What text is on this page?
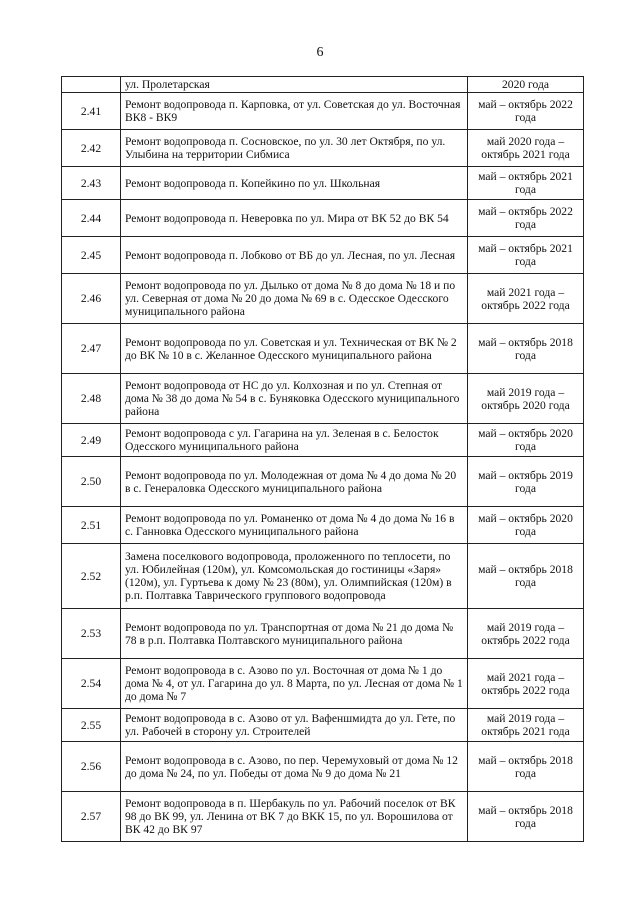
6
	ул. Пролетарская	2020 года
2.41	Ремонт водопровода п. Карповка, от ул. Советская до ул. Восточная ВК8 - ВК9	май – октябрь 2022 года
2.42	Ремонт водопровода п. Сосновское, по ул. 30 лет Октября, по ул. Улыбина на территории Сибмиса	май 2020 года – октябрь 2021 года
2.43	Ремонт водопровода п. Копейкино по ул. Школьная	май – октябрь 2021 года
2.44	Ремонт водопровода п. Неверовка по ул. Мира от ВК 52 до ВК 54	май – октябрь 2022 года
2.45	Ремонт водопровода п. Лобково от ВБ до ул. Лесная, по ул. Лесная	май – октябрь 2021 года
2.46	Ремонт водопровода по ул. Дылько от дома № 8 до дома № 18 и по ул. Северная от дома № 20 до дома № 69 в с. Одесское Одесского муниципального района	май 2021 года – октябрь 2022 года
2.47	Ремонт водопровода по ул. Советская и ул. Техническая от ВК № 2 до ВК № 10 в с. Желанное Одесского муниципального района	май – октябрь 2018 года
2.48	Ремонт водопровода от НС до ул. Колхозная и по ул. Степная от дома № 38 до дома № 54 в с. Буняковка Одесского муниципального района	май 2019 года – октябрь 2020 года
2.49	Ремонт водопровода с ул. Гагарина на ул. Зеленая в с. Белосток Одесского муниципального района	май – октябрь 2020 года
2.50	Ремонт водопровода по ул. Молодежная от дома № 4 до дома № 20 в с. Генераловка Одесского муниципального района	май – октябрь 2019 года
2.51	Ремонт водопровода по ул. Романенко от дома № 4 до дома № 16 в с. Ганновка Одесского муниципального района	май – октябрь 2020 года
2.52	Замена поселкового водопровода, проложенного по теплосети, по ул. Юбилейная (120м), ул. Комсомольская до гостиницы «Заря» (120м), ул. Гуртьева к дому № 23 (80м), ул. Олимпийская (120м) в р.п. Полтавка Таврического группового водопровода	май – октябрь 2018 года
2.53	Ремонт водопровода по ул. Транспортная от дома № 21 до дома № 78 в р.п. Полтавка Полтавского муниципального района	май 2019 года – октябрь 2022 года
2.54	Ремонт водопровода в с. Азово по ул. Восточная от дома № 1 до дома № 4, от ул. Гагарина до ул. 8 Марта, по ул. Лесная от дома № 1 до дома № 7	май 2021 года – октябрь 2022 года
2.55	Ремонт водопровода в с. Азово от ул. Вафеншмидта до ул. Гете, по ул. Рабочей в сторону ул. Строителей	май 2019 года – октябрь 2021 года
2.56	Ремонт водопровода в с. Азово, по пер. Черемуховый от дома № 12 до дома № 24, по ул. Победы от дома № 9 до дома № 21	май – октябрь 2018 года
2.57	Ремонт водопровода в п. Шербакуль по ул. Рабочий поселок от ВК 98 до ВК 99, ул. Ленина от ВК 7 до ВКК 15, по ул. Ворошилова от ВК 42 до ВК 97	май – октябрь 2018 года
